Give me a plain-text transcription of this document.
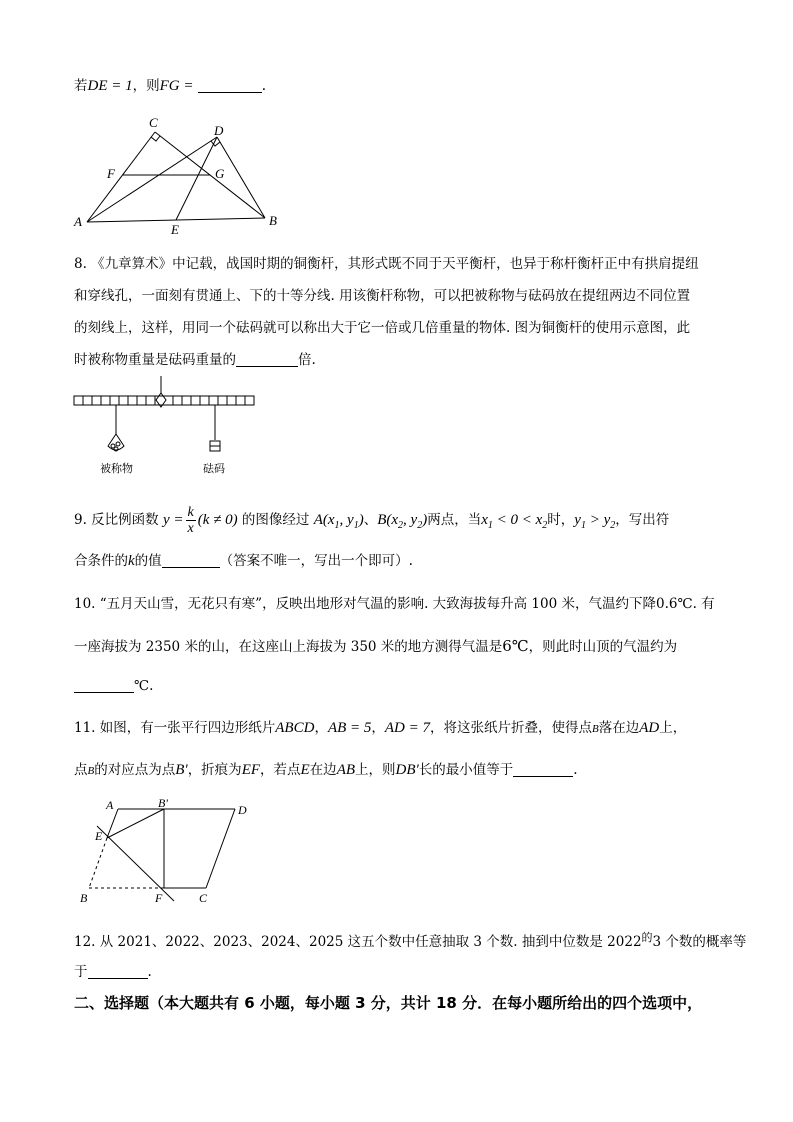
若DE = 1，则FG =	.
C
D
F	G
A
E
B
8. 《九章算术》中记载，战国时期的铜衡杆，其形式既不同于天平衡杆，也异于称杆衡杆正中有拱肩提纽
和穿线孔，一面刻有贯通上、下的十等分线. 用该衡杆称物，可以把被称物与砝码放在提纽两边不同位置
的刻线上，这样，用同一个砝码就可以称出大于它一倍或几倍重量的物体. 图为铜衡杆的使用示意图，此
时被称物重量是砝码重量的	倍.
被称物	砝码
9. 反比例函数 $y = \frac{k}{x} (k \ne 0)$ 的图像经过 $A(x_1$, $y_1$)、$B(x_2$, $y_2$)两点，当$x_1 < 0 < x_2$时，$y_1 > y_2$，写出符
合条件的k的值	（答案不唯一，写出一个即可）.
10. “五月天山雪，无花只有寒”，反映出地形对气温的影响. 大致海拔每升高 100 米，气温约下降0.6℃. 有
一座海拔为 2350 米的山，在这座山上海拔为 350 米的地方测得气温是6℃，则此时山顶的气温约为
℃.
11. 如图，有一张平行四边形纸片ABCD，AB = 5，AD = 7，将这张纸片折叠，使得点B落在边AD上，
点B的对应点为点B′，折痕为EF，若点E在边AB上，则DB′长的最小值等于	.
A	B′	D
E
B	F	C
12. 从 2021、2022、2023、2024、2025 这五个数中任意抽取 3 个数. 抽到中位数是 $2022^的3$ 个数的概率等
于	.
二、选择题（本大题共有 6 小题，每小题 3 分，共计 18 分．在每小题所给出的四个选项中，
